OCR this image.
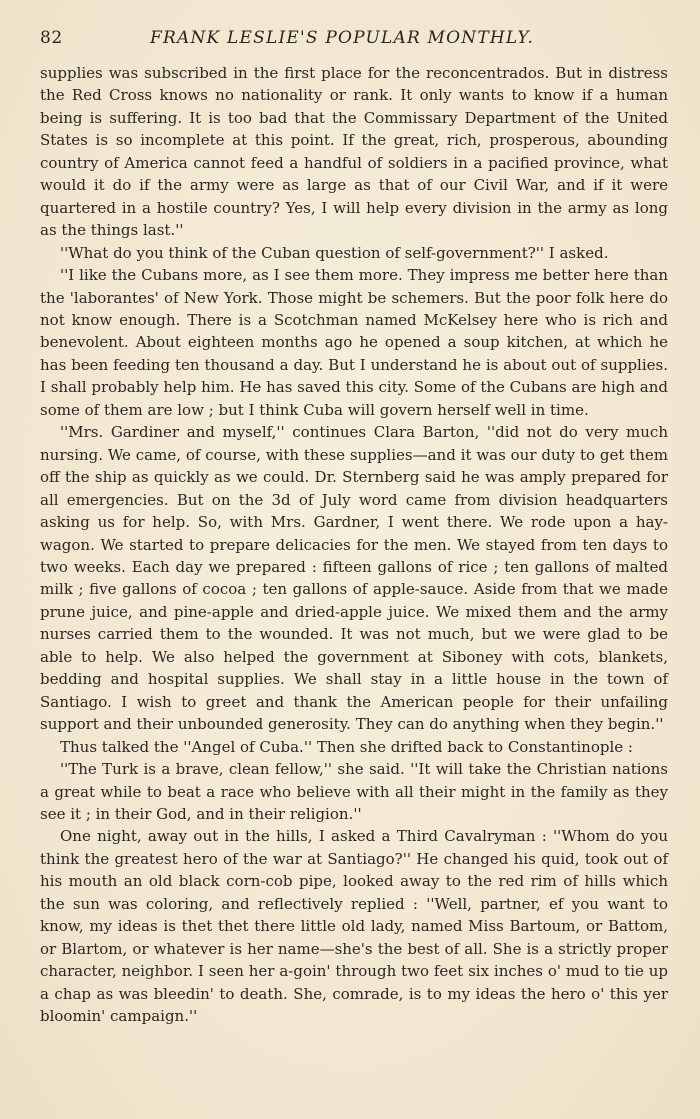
82	FRANK LESLIE'S POPULAR MONTHLY.

supplies was subscribed in the first place for the reconcentrados. But in distress the Red Cross knows no nationality or rank. It only wants to know if a human being is suffering. It is too bad that the Commissary Department of the United States is so incomplete at this point. If the great, rich, prosperous, abounding country of America cannot feed a handful of soldiers in a pacified province, what would it do if the army were as large as that of our Civil War, and if it were quartered in a hostile country? Yes, I will help every division in the army as long as the things last.''

''What do you think of the Cuban question of self-government?'' I asked.

''I like the Cubans more, as I see them more. They impress me better here than the 'laborantes' of New York. Those might be schemers. But the poor folk here do not know enough. There is a Scotchman named McKelsey here who is rich and benevolent. About eighteen months ago he opened a soup kitchen, at which he has been feeding ten thousand a day. But I understand he is about out of supplies. I shall probably help him. He has saved this city. Some of the Cubans are high and some of them are low ; but I think Cuba will govern herself well in time.

''Mrs. Gardiner and myself,'' continues Clara Barton, ''did not do very much nursing. We came, of course, with these supplies—and it was our duty to get them off the ship as quickly as we could. Dr. Sternberg said he was amply prepared for all emergencies. But on the 3d of July word came from division headquarters asking us for help. So, with Mrs. Gardner, I went there. We rode upon a hay-wagon. We started to prepare delicacies for the men. We stayed from ten days to two weeks. Each day we prepared : fifteen gallons of rice ; ten gallons of malted milk ; five gallons of cocoa ; ten gallons of apple-sauce. Aside from that we made prune juice, and pine-apple and dried-apple juice. We mixed them and the army nurses carried them to the wounded. It was not much, but we were glad to be able to help. We also helped the government at Siboney with cots, blankets, bedding and hospital supplies. We shall stay in a little house in the town of Santiago. I wish to greet and thank the American people for their unfailing support and their unbounded generosity. They can do anything when they begin.''

Thus talked the ''Angel of Cuba.'' Then she drifted back to Constantinople :

''The Turk is a brave, clean fellow,'' she said. ''It will take the Christian nations a great while to beat a race who believe with all their might in the family as they see it ; in their God, and in their religion.''

One night, away out in the hills, I asked a Third Cavalryman : ''Whom do you think the greatest hero of the war at Santiago?'' He changed his quid, took out of his mouth an old black corn-cob pipe, looked away to the red rim of hills which the sun was coloring, and reflectively replied : ''Well, partner, ef you want to know, my ideas is thet thet there little old lady, named Miss Bartoum, or Battom, or Blartom, or whatever is her name—she's the best of all. She is a strictly proper character, neighbor. I seen her a-goin' through two feet six inches o' mud to tie up a chap as was bleedin' to death. She, comrade, is to my ideas the hero o' this yer bloomin' campaign.''
